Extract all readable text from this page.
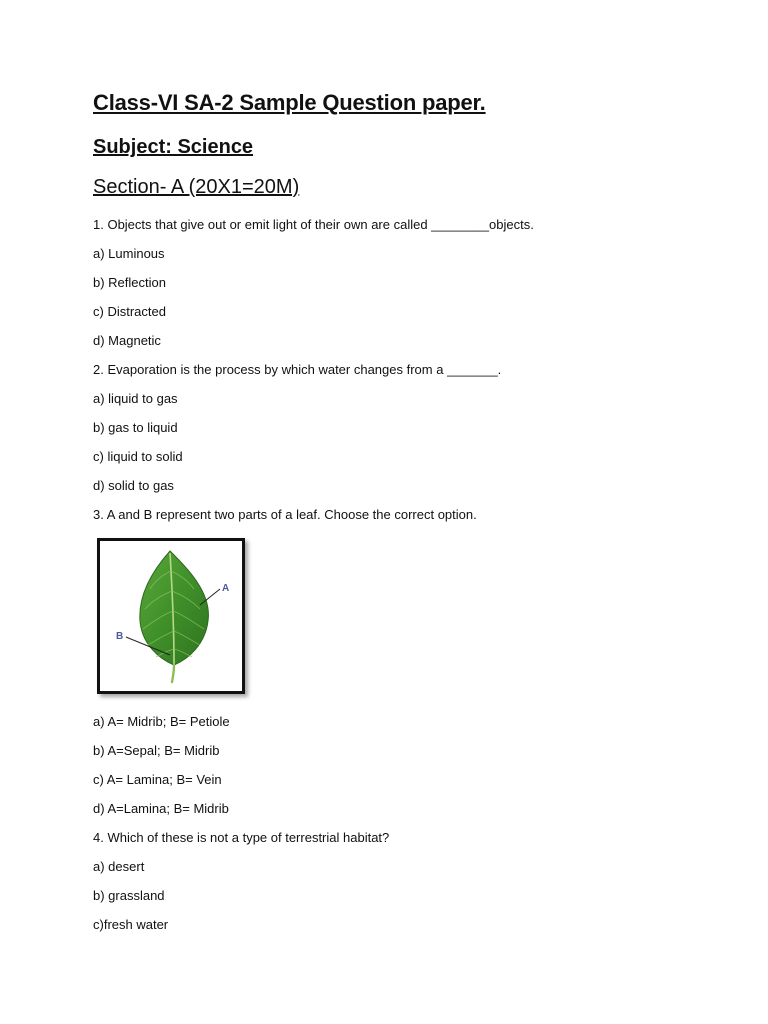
Class-VI SA-2 Sample Question paper.
Subject: Science
Section- A (20X1=20M)
1. Objects that give out or emit light of their own are called ________objects.
a) Luminous
b) Reflection
c) Distracted
d) Magnetic
2. Evaporation is the process by which water changes from a _______.
a) liquid to gas
b) gas to liquid
c) liquid to solid
d) solid to gas
3. A and B represent two parts of a leaf. Choose the correct option.
A
B
a) A= Midrib; B= Petiole
b) A=Sepal; B= Midrib
c) A= Lamina; B= Vein
d) A=Lamina; B= Midrib
4. Which of these is not a type of terrestrial habitat?
a) desert
b) grassland
c)fresh water
